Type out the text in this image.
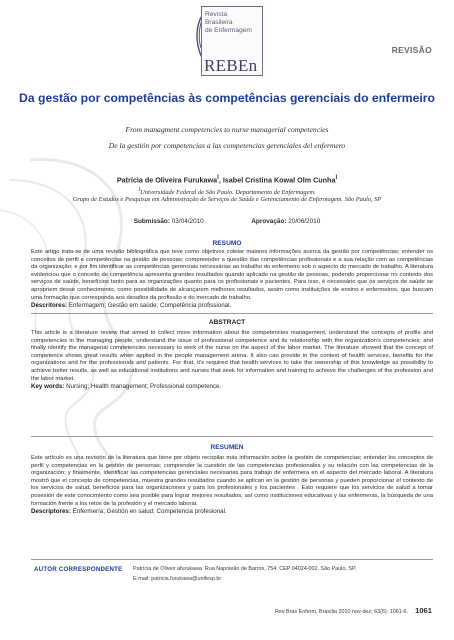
Revista
Brasileira
de Enfermagem
REBEn
REVISÃO
Da gestão por competências às competências gerenciais do enfermeiro
From managment competencies to nurse managerial competencies
De la gestión por competencias a las competencias gerenciales del enfermero
Patrícia de Oliveira Furukawa$^I$, Isabel Cristina Kowal Olm Cunha$^I$
$^I$Universidade Federal de São Paulo. Departamento de Enfermagem.
Grupo de Estudos e Pesquisas em Administração de Serviços de Saúde e Gerenciamento de Enfermagem. São Paulo, SP
Submissão: 03/04/2010	Aprovação: 20/06/2010
RESUMO

Este artigo trata-se de uma revisão bibliográfica que teve como objetivos coletar maiores informações acerca da gestão por competências; entender os conceitos de perfil e competências na gestão de pessoas; compreender a questão das competências profissionais e a sua relação com as competências da organização; e por fim identificar as competências gerenciais necessárias ao trabalho do enfermeiro sob o aspecto do mercado de trabalho. A literatura evidenciou que o conceito de competência apresenta grandes resultados quando aplicado na gestão de pessoas, podendo proporcionar no contexto dos serviços de saúde, benefícios tanto para as organizações quanto para os profissionais e pacientes. Para isso, é necessário que os serviços de saúde se apropriem desse conhecimento, como possibilidade de alcançarem melhores resultados, assim como instituições de ensino e enfermeiros, que buscam uma formação que corresponda aos desafios da profissão e do mercado de trabalho.

Descritores: Enfermagem; Gestão em saúde; Competência profissional.

ABSTRACT

This article is a literature review that aimed to collect more information about the competencies management, understand the concepts of profile and competencies in the managing people; understand the issue of professional competence and its relationship with the organization's competencies; and finally identify the managerial competencies necessary to work of the nurse on the aspect of the labor market. The literature showed that the concept of competence shows great results when applied in the people management arena. It also can provide in the context of health services, benefits for the organizations and for the professionals and patients. For that, it's required that health services to take the ownership of this knowledge as possibility to achieve better results, as well as educational institutions and nurses that seek for information and training to achieve the challenges of the profession and the labor market.

Key words: Nursing; Health management; Professional competence.

RESUMEN

Este artículo es una revisión de la literatura que tiene por objeto recopilar más información sobre la gestión de competencias; entender los conceptos de perfil y competencias en la gestión de personas; comprender la cuestión de las competencias profesionales y su relación con las competencias de la organización; y finalmente, identificar las competencias gerenciales necesarias para trabajo de enfermera en el aspecto del mercado laboral. A literatura mostró que el concepto de competencias, muestra grandes resultados cuando se aplican en la gestión de personas y pueden proporcionar el contexto de los servicios de salud, beneficios para las organizaciones y para los profesionales y los pacientes . Esto requiere que los servicios de salud a tomar posesión de este conocimiento como sea posible para lograr mejores resultados, así como instituciones educativas y las enfermeras, la búsqueda de una formación frente a los retos de la profesión y el mercado laboral.

Descriptores: Enfermería; Gestión en salud; Competencia profesional.

AUTOR CORRESPONDENTE Patrícia de Oliveir afurukawa. Rua Napoleão de Barros, 754. CEP 04024-002. São Paulo, SP.
E-mail: patricia.furukawa@unifesp.br
Rev Bras Enferm, Brasília 2010 nov-dez; 63(6): 1061-6. 1061
